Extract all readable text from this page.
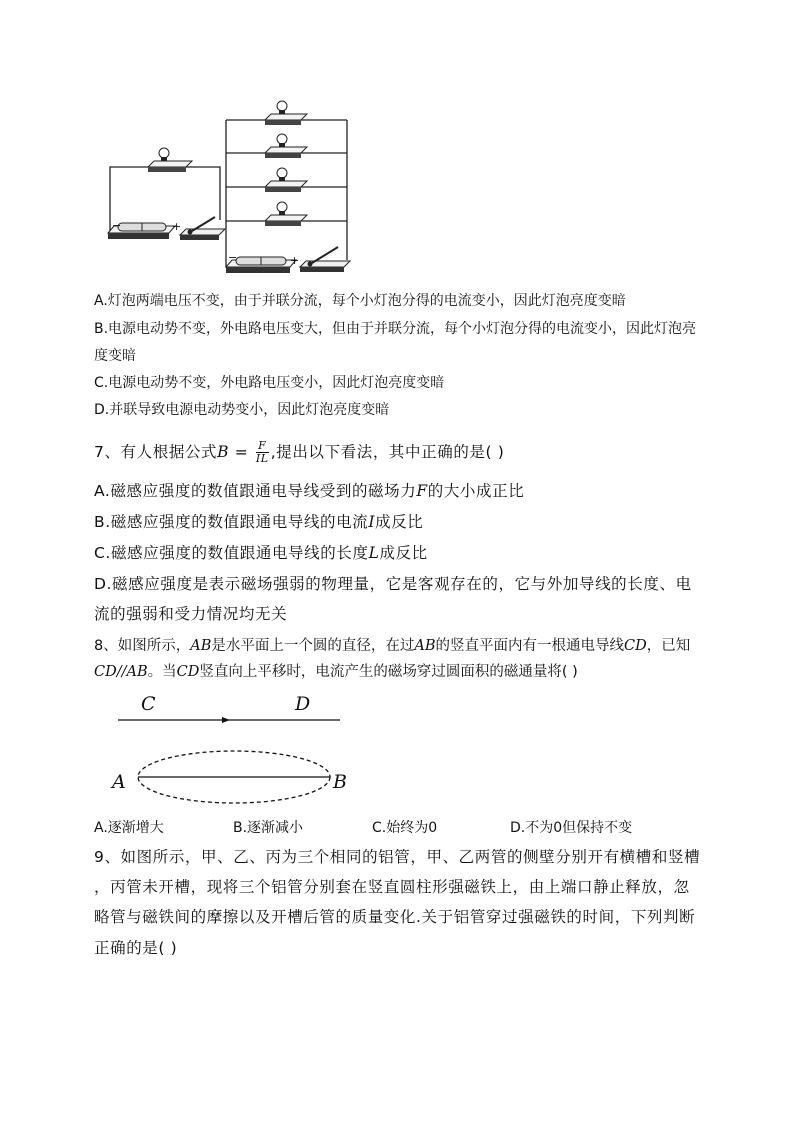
−	+
−	+
A.灯泡两端电压不变，由于并联分流，每个小灯泡分得的电流变小，因此灯泡亮度变暗
B.电源电动势不变，外电路电压变大，但由于并联分流，每个小灯泡分得的电流变小，因此灯泡亮
度变暗
C.电源电动势不变，外电路电压变小，因此灯泡亮度变暗
D.并联导致电源电动势变小，因此灯泡亮度变暗
7、有人根据公式$B = \frac{F}{IL}$ ,提出以下看法，其中正确的是( )
A.磁感应强度的数值跟通电导线受到的磁场力F的大小成正比
B.磁感应强度的数值跟通电导线的电流I成反比
C.磁感应强度的数值跟通电导线的长度L成反比
D.磁感应强度是表示磁场强弱的物理量，它是客观存在的，它与外加导线的长度、电
流的强弱和受力情况均无关
8、如图所示，AB是水平面上一个圆的直径，在过AB的竖直平面内有一根通电导线CD，已知
CD//AB。当CD竖直向上平移时，电流产生的磁场穿过圆面积的磁通量将( )
C	D
A	B
A.逐渐增大	B.逐渐减小	C.始终为0	D.不为0但保持不变
9、如图所示，甲、乙、丙为三个相同的铝管，甲、乙两管的侧壁分别开有横槽和竖槽
，丙管未开槽，现将三个铝管分别套在竖直圆柱形强磁铁上，由上端口静止释放，忽
略管与磁铁间的摩擦以及开槽后管的质量变化.关于铝管穿过强磁铁的时间，下列判断
正确的是( )
